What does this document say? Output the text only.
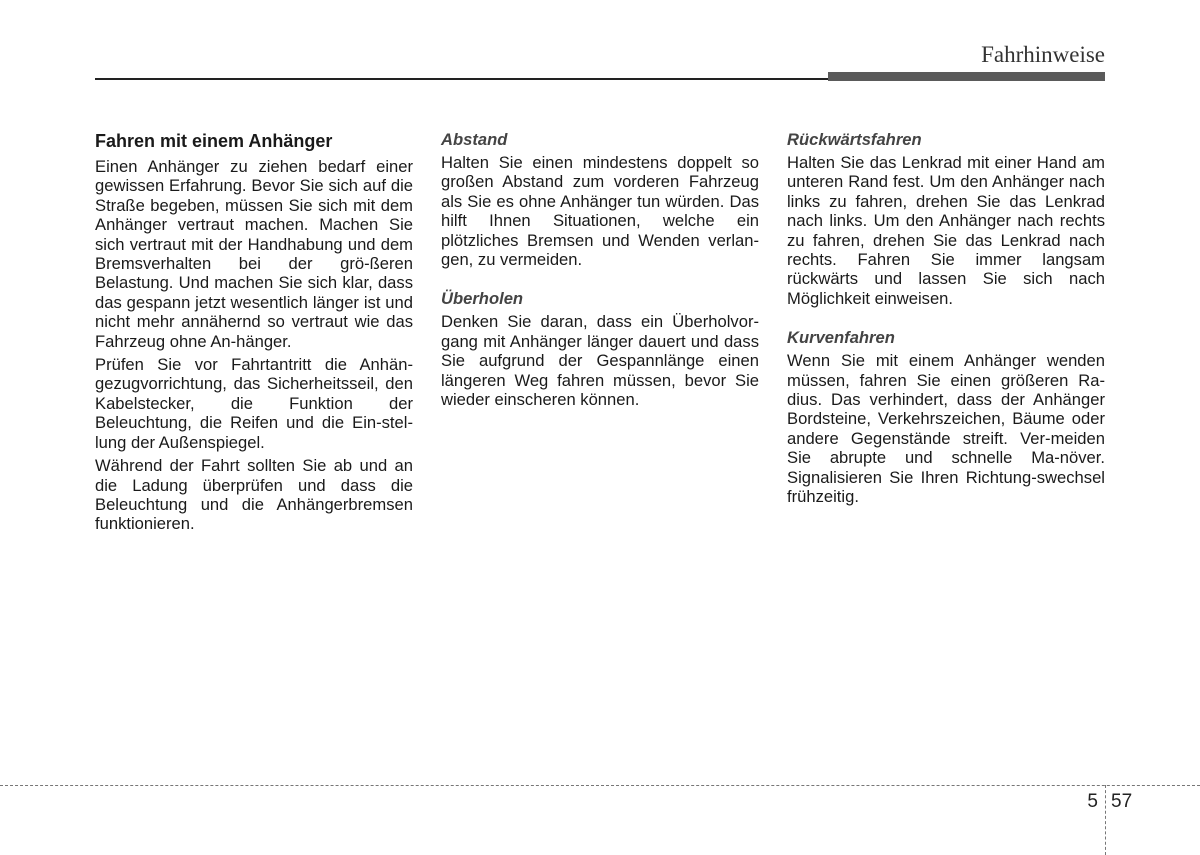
Fahrhinweise
Fahren mit einem Anhänger

Einen Anhänger zu ziehen bedarf einer gewissen Erfahrung. Bevor Sie sich auf die Straße begeben, müssen Sie sich mit dem Anhänger vertraut machen. Machen Sie sich vertraut mit der Handhabung und dem Bremsverhalten bei der grö-ßeren Belastung. Und machen Sie sich klar, dass das gespann jetzt wesentlich länger ist und nicht mehr annähernd so vertraut wie das Fahrzeug ohne An-hänger.

Prüfen Sie vor Fahrtantritt die Anhän-gezugvorrichtung, das Sicherheitsseil, den Kabelstecker, die Funktion der Beleuchtung, die Reifen und die Ein-stel-lung der Außenspiegel.

Während der Fahrt sollten Sie ab und an die Ladung überprüfen und dass die Beleuchtung und die Anhängerbremsen funktionieren.

Abstand

Halten Sie einen mindestens doppelt so großen Abstand zum vorderen Fahrzeug als Sie es ohne Anhänger tun würden. Das hilft Ihnen Situationen, welche ein plötzliches Bremsen und Wenden verlan-gen, zu vermeiden.

Überholen

Denken Sie daran, dass ein Überholvor-gang mit Anhänger länger dauert und dass Sie aufgrund der Gespannlänge einen längeren Weg fahren müssen, bevor Sie wieder einscheren können.

Rückwärtsfahren

Halten Sie das Lenkrad mit einer Hand am unteren Rand fest. Um den Anhänger nach links zu fahren, drehen Sie das Lenkrad nach links. Um den Anhänger nach rechts zu fahren, drehen Sie das Lenkrad nach rechts. Fahren Sie immer langsam rückwärts und lassen Sie sich nach Möglichkeit einweisen.

Kurvenfahren

Wenn Sie mit einem Anhänger wenden müssen, fahren Sie einen größeren Ra-dius. Das verhindert, dass der Anhänger Bordsteine, Verkehrszeichen, Bäume oder andere Gegenstände streift. Ver-meiden Sie abrupte und schnelle Ma-növer. Signalisieren Sie Ihren Richtung-swechsel frühzeitig.

5 57
